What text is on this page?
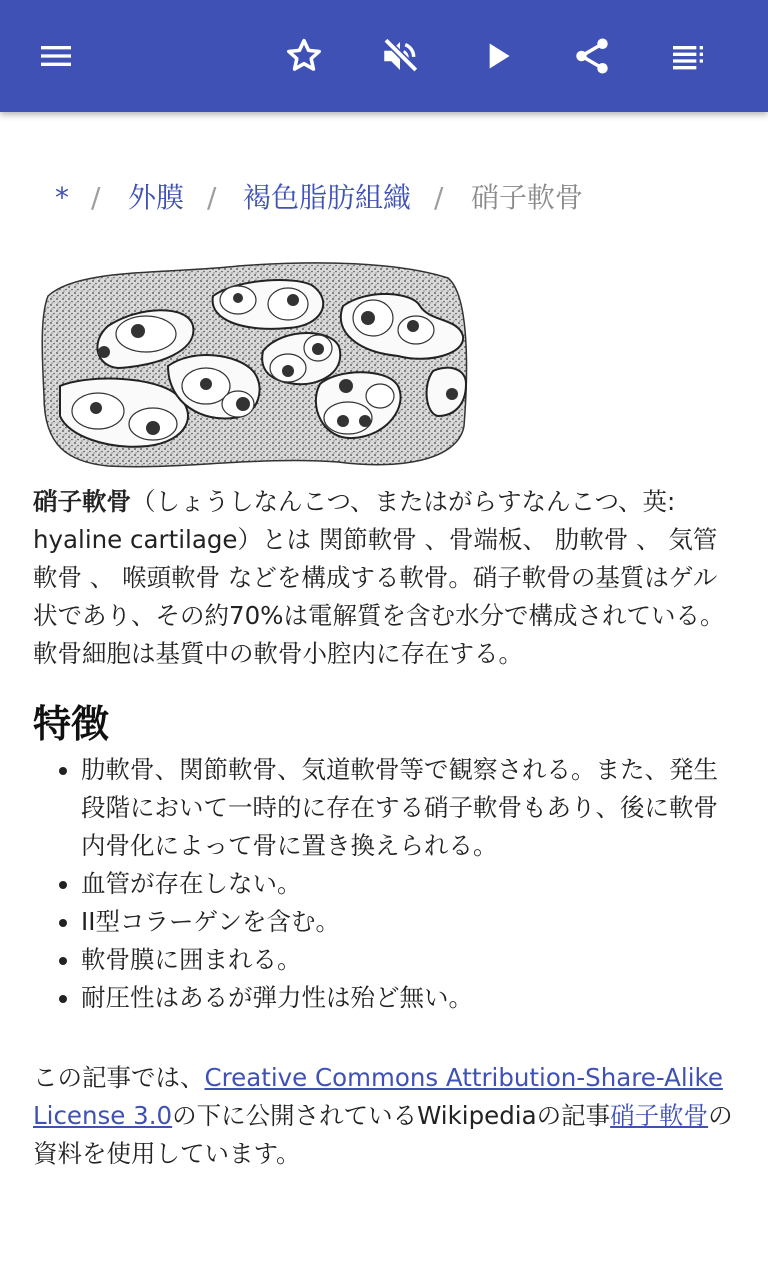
* / 外膜 / 褐色脂肪組織 / 硝子軟骨

硝子軟骨（しょうしなんこつ、またはがらすなんこつ、英: hyaline cartilage）とは 関節軟骨 、骨端板、 肋軟骨 、 気管軟骨 、 喉頭軟骨 などを構成する軟骨。硝子軟骨の基質はゲル状であり、その約70%は電解質を含む水分で構成されている。軟骨細胞は基質中の軟骨小腔内に存在する。

特徴
• 肋軟骨、関節軟骨、気道軟骨等で観察される。また、発生段階において一時的に存在する硝子軟骨もあり、後に軟骨内骨化によって骨に置き換えられる。
• 血管が存在しない。
• II型コラーゲンを含む。
• 軟骨膜に囲まれる。
• 耐圧性はあるが弾力性は殆ど無い。

この記事では、Creative Commons Attribution-Share-Alike License 3.0の下に公開されているWikipediaの記事硝子軟骨の資料を使用しています。
